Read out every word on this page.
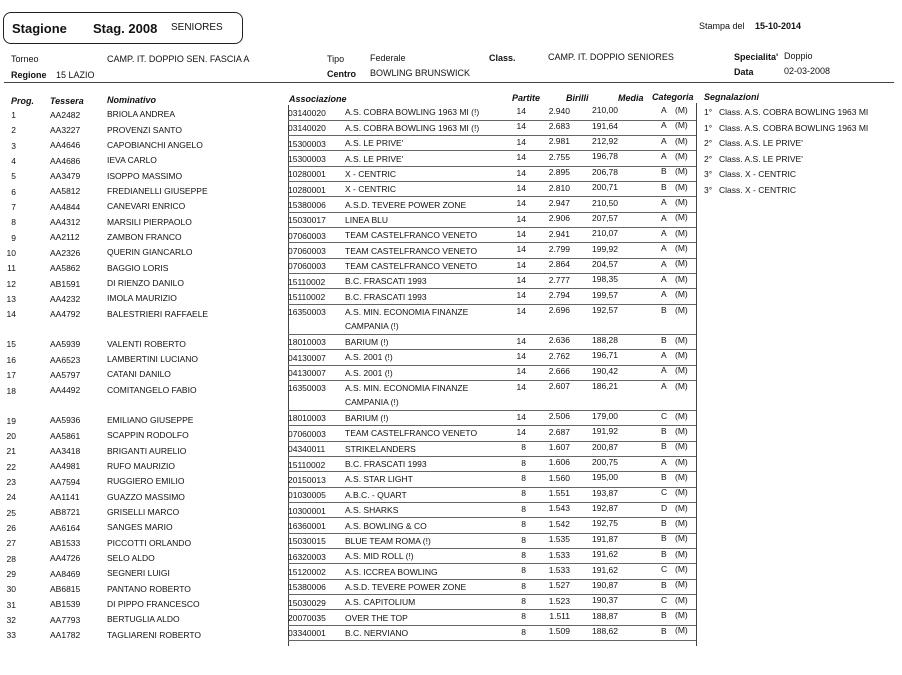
Stagione Stag. 2008 SENIORES	Stampa del 15-10-2014
Torneo	CAMP. IT. DOPPIO SEN. FASCIA A	Tipo	Federale	Class.	CAMP. IT. DOPPIO SENIORES	Specialita' Doppio
Regione 15 LAZIO	Centro BOWLING BRUNSWICK	Data	02-03-2008
Prog. Tessera	Nominativo	Associazione	Partite	Birilli	Media Categoria Segnalazioni
1	AA2482	BRIOLA ANDREA	03140020 A.S. COBRA BOWLING 1963 MI (!)	14	2.940	210,00	A (M)
2	AA3227	PROVENZI SANTO	03140020 A.S. COBRA BOWLING 1963 MI (!)	14	2.683	191,64	A (M)
3	AA4646	CAPOBIANCHI ANGELO	15300003 A.S. LE PRIVE'	14	2.981	212,92	A (M)
4	AA4686	IEVA CARLO	15300003 A.S. LE PRIVE'	14	2.755	196,78	A (M)
5	AA3479	ISOPPO MASSIMO	10280001 X - CENTRIC	14	2.895	206,78	B (M)
6	AA5812	FREDIANELLI GIUSEPPE	10280001 X - CENTRIC	14	2.810	200,71	B (M)
7	AA4844	CANEVARI ENRICO	15380006 A.S.D. TEVERE POWER ZONE	14	2.947	210,50	A (M)
8	AA4312	MARSILI PIERPAOLO	15030017 LINEA BLU	14	2.906	207,57	A (M)
9	AA2112	ZAMBON FRANCO	07060003 TEAM CASTELFRANCO VENETO	14	2.941	210,07	A (M)
10	AA2326	QUERIN GIANCARLO	07060003 TEAM CASTELFRANCO VENETO	14	2.799	199,92	A (M)
11	AA5862	BAGGIO LORIS	07060003 TEAM CASTELFRANCO VENETO	14	2.864	204,57	A (M)
12	AB1591	DI RIENZO DANILO	15110002 B.C. FRASCATI 1993	14	2.777	198,35	A (M)
13	AA4232	IMOLA MAURIZIO	15110002 B.C. FRASCATI 1993	14	2.794	199,57	A (M)
14	AA4792	BALESTRIERI RAFFAELE	16350003 A.S. MIN. ECONOMIA FINANZE	14	2.696	192,57	B (M)
CAMPANIA (!)
15	AA5939	VALENTI ROBERTO	18010003 BARIUM (!)	14	2.636	188,28	B (M)
16	AA6523	LAMBERTINI LUCIANO	04130007 A.S. 2001 (!)	14	2.762	196,71	A (M)
17	AA5797	CATANI DANILO	04130007 A.S. 2001 (!)	14	2.666	190,42	A (M)
18	AA4492	COMITANGELO FABIO	16350003 A.S. MIN. ECONOMIA FINANZE	14	2.607	186,21	A (M)
CAMPANIA (!)
19	AA5936	EMILIANO GIUSEPPE	18010003 BARIUM (!)	14	2.506	179,00	C (M)
20	AA5861	SCAPPIN RODOLFO	07060003 TEAM CASTELFRANCO VENETO	14	2.687	191,92	B (M)
21	AA3418	BRIGANTI AURELIO	04340011 STRIKELANDERS	8	1.607	200,87	B (M)
22	AA4981	RUFO MAURIZIO	15110002 B.C. FRASCATI 1993	8	1.606	200,75	A (M)
23	AA7594	RUGGIERO EMILIO	20150013 A.S. STAR LIGHT	8	1.560	195,00	B (M)
24	AA1141	GUAZZO MASSIMO	01030005 A.B.C. - QUART	8	1.551	193,87	C (M)
25	AB8721	GRISELLI MARCO	10300001 A.S. SHARKS	8	1.543	192,87	D (M)
26	AA6164	SANGES MARIO	16360001 A.S. BOWLING & CO	8	1.542	192,75	B (M)
27	AB1533	PICCOTTI ORLANDO	15030015 BLUE TEAM ROMA (!)	8	1.535	191,87	B (M)
28	AA4726	SELO ALDO	16320003 A.S. MID ROLL (!)	8	1.533	191,62	B (M)
29	AA8469	SEGNERI LUIGI	15120002 A.S. ICCREA BOWLING	8	1.533	191,62	C (M)
30	AB6815	PANTANO ROBERTO	15380006 A.S.D. TEVERE POWER ZONE	8	1.527	190,87	B (M)
31	AB1539	DI PIPPO FRANCESCO	15030029 A.S. CAPITOLIUM	8	1.523	190,37	C (M)
32	AA7793	BERTUGLIA ALDO	20070035 OVER THE TOP	8	1.511	188,87	B (M)
33	AA1782	TAGLIARENI ROBERTO	03340001 B.C. NERVIANO	8	1.509	188,62	B (M)
1° Class. A.S. COBRA BOWLING 1963 MI
1° Class. A.S. COBRA BOWLING 1963 MI
2° Class. A.S. LE PRIVE'
2° Class. A.S. LE PRIVE'
3° Class. X - CENTRIC
3° Class. X - CENTRIC
